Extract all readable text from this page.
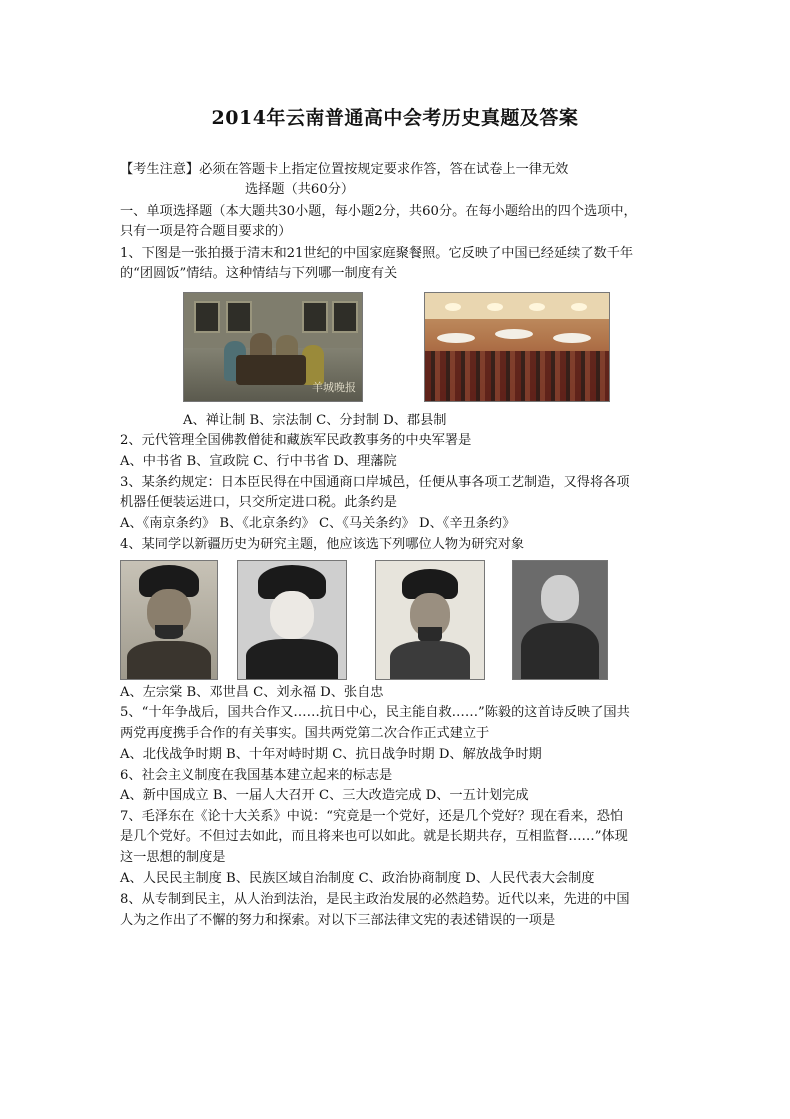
2014年云南普通高中会考历史真题及答案
【考生注意】必须在答题卡上指定位置按规定要求作答，答在试卷上一律无效
选择题（共60分）
一、单项选择题（本大题共30小题，每小题2分，共60分。在每小题给出的四个选项中，
只有一项是符合题目要求的）
1、下图是一张拍摄于清末和21世纪的中国家庭聚餐照。它反映了中国已经延续了数千年
的“团圆饭”情结。这种情结与下列哪一制度有关
羊城晚报
A、禅让制 B、宗法制 C、分封制 D、郡县制
2、元代管理全国佛教僧徒和藏族军民政教事务的中央军署是
A、中书省 B、宣政院 C、行中书省 D、理藩院
3、某条约规定：日本臣民得在中国通商口岸城邑，任便从事各项工艺制造，又得将各项
机器任便装运进口，只交所定进口税。此条约是
A、《南京条约》 B、《北京条约》 C、《马关条约》 D、《辛丑条约》
4、某同学以新疆历史为研究主题，他应该选下列哪位人物为研究对象
A、左宗棠 B、邓世昌 C、刘永福 D、张自忠
5、“十年争战后，国共合作又……抗日中心，民主能自救……”陈毅的这首诗反映了国共
两党再度携手合作的有关事实。国共两党第二次合作正式建立于
A、北伐战争时期 B、十年对峙时期 C、抗日战争时期 D、解放战争时期
6、社会主义制度在我国基本建立起来的标志是
A、新中国成立 B、一届人大召开 C、三大改造完成 D、一五计划完成
7、毛泽东在《论十大关系》中说：“究竟是一个党好，还是几个党好？现在看来，恐怕
是几个党好。不但过去如此，而且将来也可以如此。就是长期共存，互相监督……”体现
这一思想的制度是
A、人民民主制度 B、民族区域自治制度 C、政治协商制度 D、人民代表大会制度
8、从专制到民主，从人治到法治，是民主政治发展的必然趋势。近代以来，先进的中国
人为之作出了不懈的努力和探索。对以下三部法律文宪的表述错误的一项是
